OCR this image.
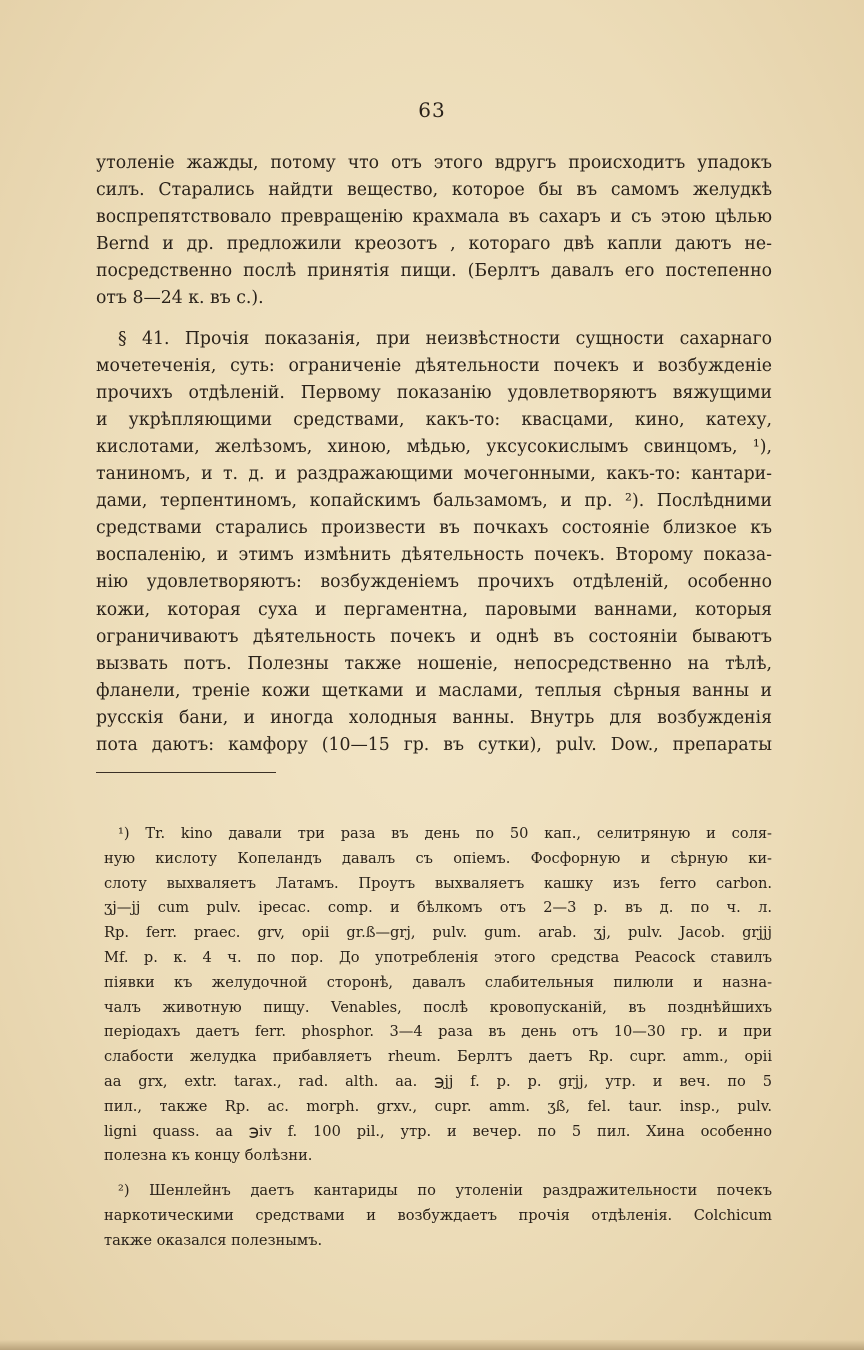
63
утоленіе жажды, потому что отъ этого вдругъ происходитъ упадокъ
силъ. Старались найдти вещество, которое бы въ самомъ желудкѣ
воспрепятствовало превращенію крахмала въ сахаръ и съ этою цѣлью
Bernd и др. предложили креозотъ , котораго двѣ капли даютъ не-
посредственно послѣ принятія пищи. (Берлтъ давалъ его постепенно
отъ 8—24 к. въ с.).
§ 41. Прочія показанія, при неизвѣстности сущности сахарнаго
мочетеченія, суть: ограниченіе дѣятельности почекъ и возбужденіе
прочихъ отдѣленій. Первому показанію удовлетворяютъ вяжущими
и укрѣпляющими средствами, какъ-то: квасцами, кино, катеху,
кислотами, желѣзомъ, хиною, мѣдью, уксусокислымъ свинцомъ, ¹),
таниномъ, и т. д. и раздражающими мочегонными, какъ-то: кантари-
дами, терпентиномъ, копайскимъ бальзамомъ, и пр. ²). Послѣдними
средствами старались произвести въ почкахъ состояніе близкое къ
воспаленію, и этимъ измѣнить дѣятельность почекъ. Второму показа-
нію удовлетворяютъ: возбужденіемъ прочихъ отдѣленій, особенно
кожи, которая суха и пергаментна, паровыми ваннами, которыя
ограничиваютъ дѣятельность почекъ и однѣ въ состояніи бываютъ
вызвать потъ. Полезны также ношеніе, непосредственно на тѣлѣ,
фланели, треніе кожи щетками и маслами, теплыя сѣрныя ванны и
русскія бани, и иногда холодныя ванны. Внутрь для возбужденія
пота даютъ: камфору (10—15 гр. въ сутки), pulv. Dow., препараты
¹) Tr. kino давали три раза въ день по 50 кап., селитряную и соля-
ную кислоту Копеландъ давалъ съ опіемъ. Фосфорную и сѣрную ки-
слоту выхваляетъ Латамъ. Проутъ выхваляетъ кашку изъ ferro carbon.
ʒj—jj cum pulv. ipecac. comp. и бѣлкомъ отъ 2—3 р. въ д. по ч. л.
Rp. ferr. praec. grv, opii gr.ß—grj, pulv. gum. arab. ʒj, pulv. Jacob. grjjj
Mf. p. к. 4 ч. по пор. До употребленія этого средства Peacock ставилъ
піявки къ желудочной сторонѣ, давалъ слабительныя пилюли и назна-
чалъ животную пищу. Venables, послѣ кровопусканій, въ позднѣйшихъ
періодахъ даетъ ferr. phosphor. 3—4 раза въ день отъ 10—30 гр. и при
слабости желудка прибавляетъ rheum. Берлтъ даетъ Rp. cupr. amm., opii
aa grx, extr. tarax., rad. alth. aa. ℈jj f. p. p. grjj, утр. и веч. по 5
пил., также Rp. ac. morph. grxv., cupr. amm. ʒß, fel. taur. insp., pulv.
ligni quass. aa ℈iv f. 100 pil., утр. и вечер. по 5 пил. Хина особенно
полезна къ концу болѣзни.
²) Шенлейнъ даетъ кантариды по утоленіи раздражительности почекъ
наркотическими средствами и возбуждаетъ прочія отдѣленія. Colchicum
также оказался полезнымъ.
